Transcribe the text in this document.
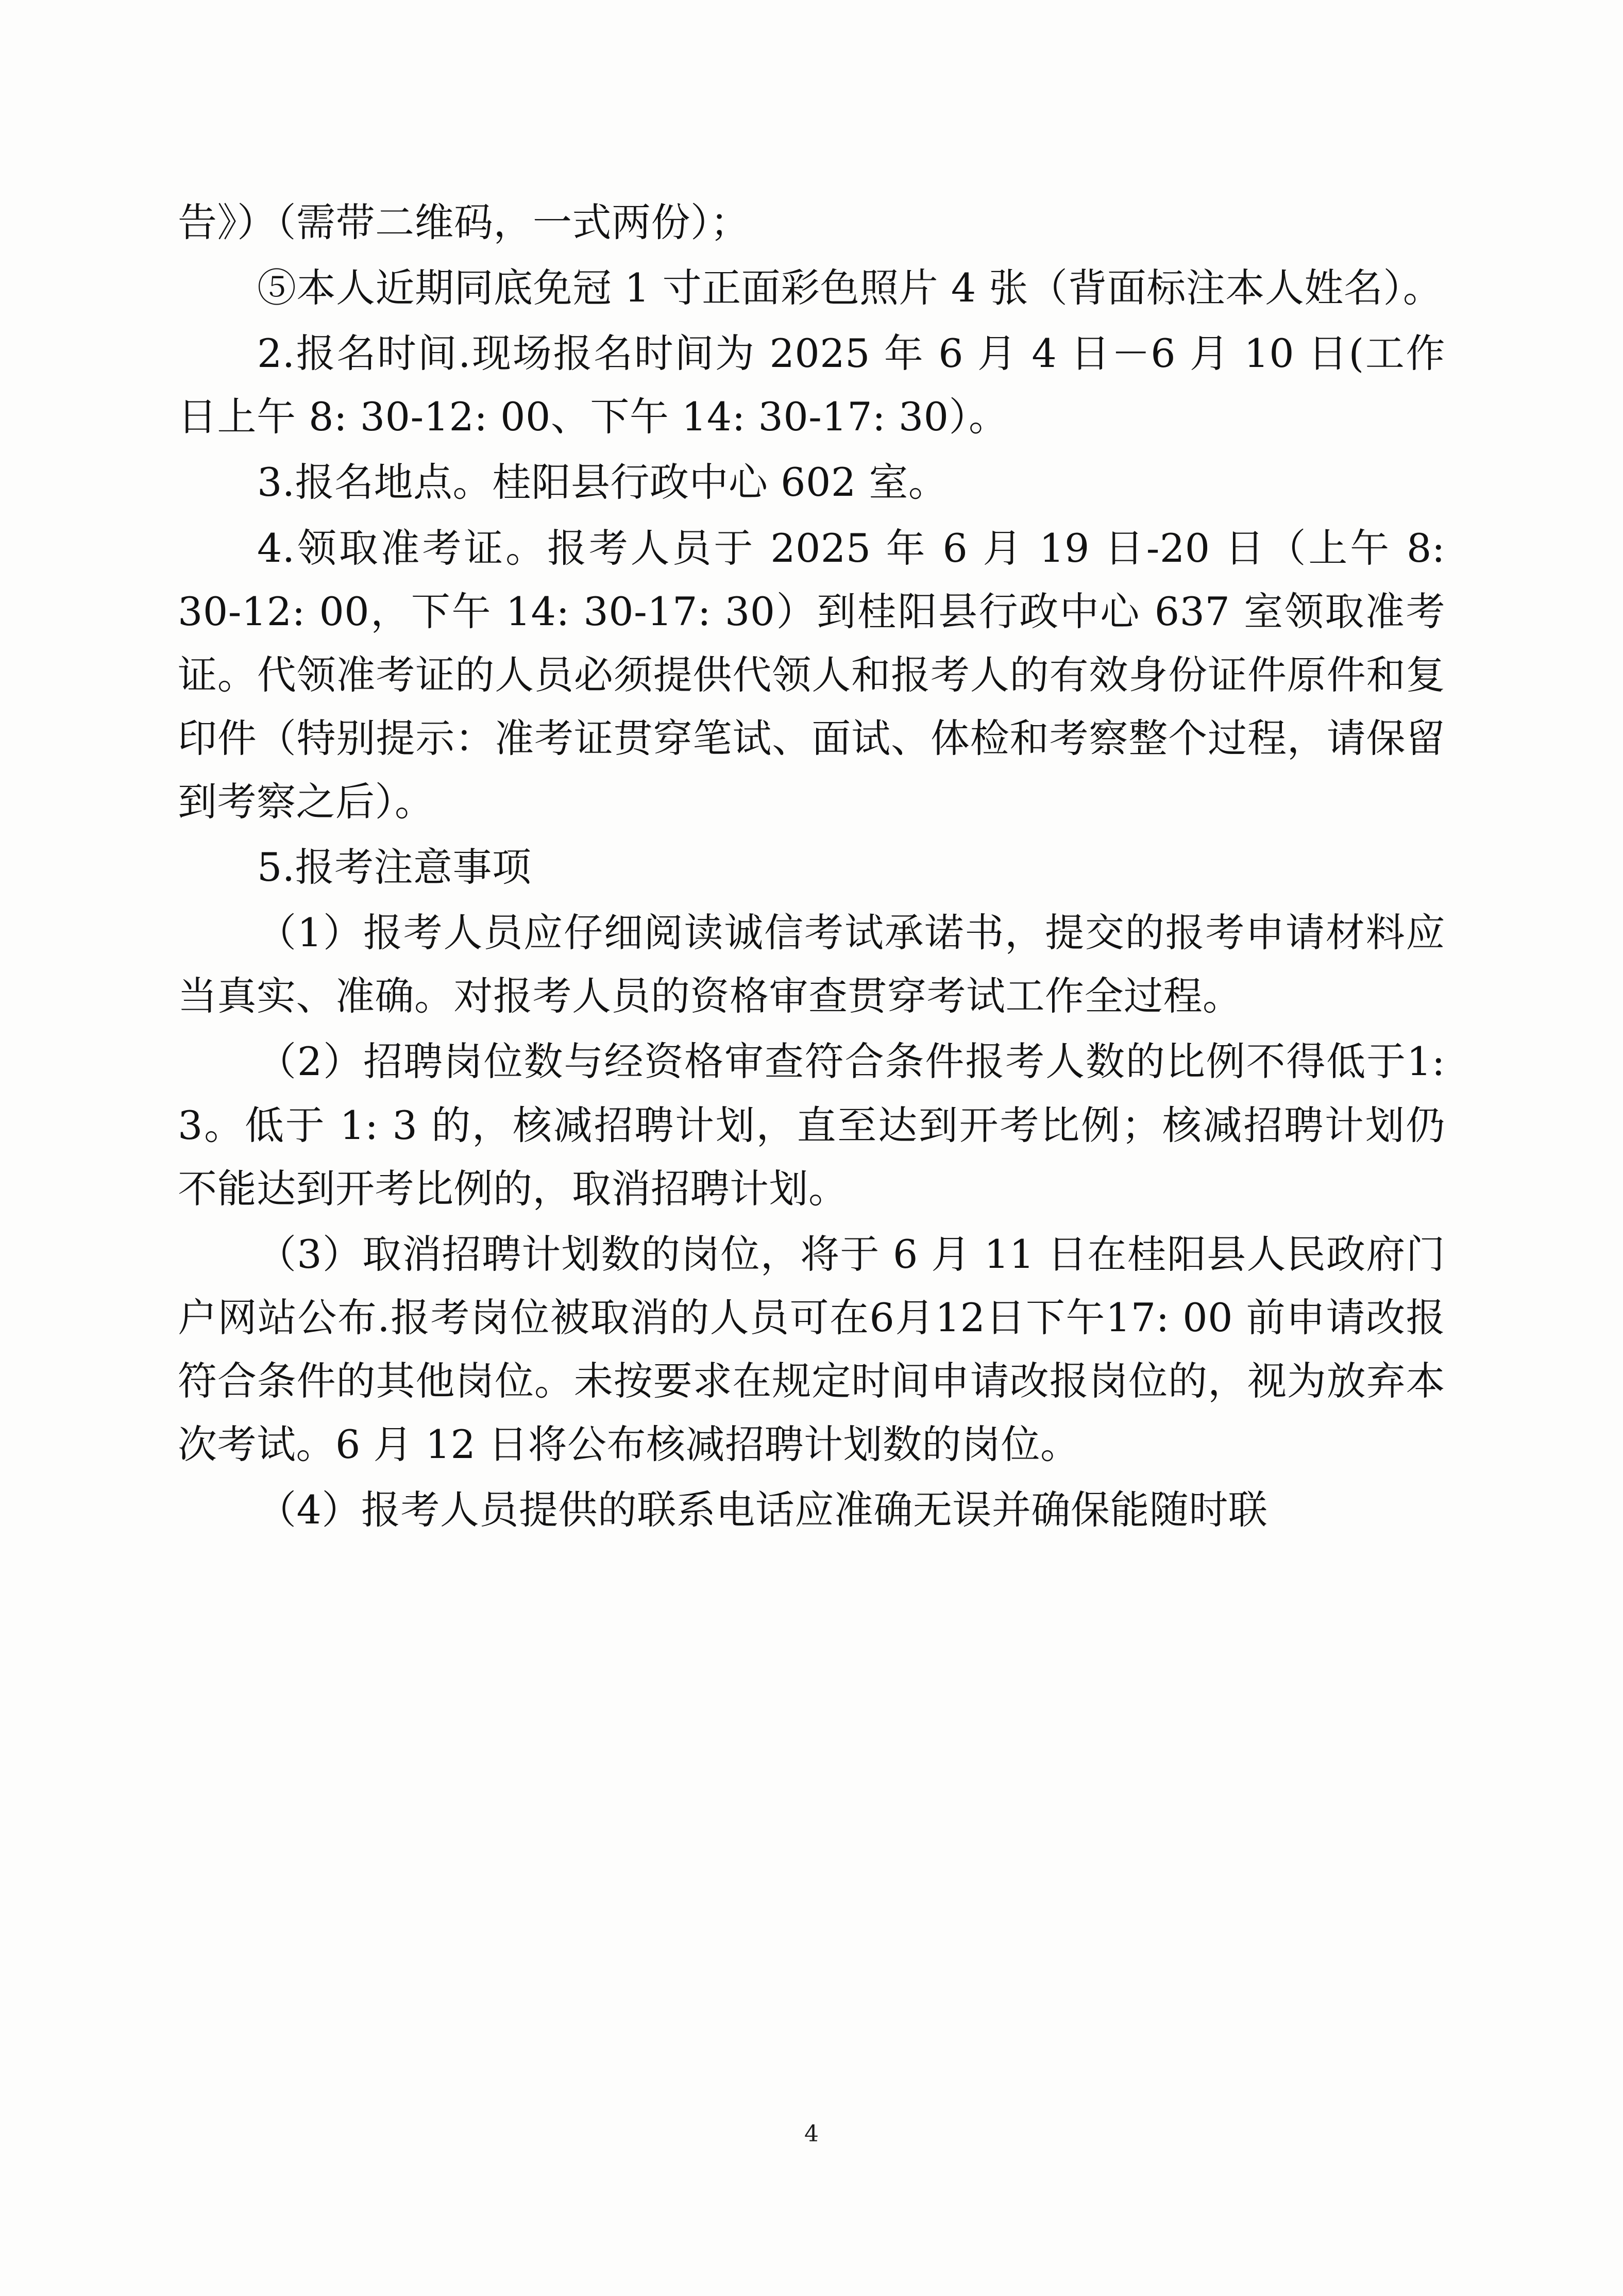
告》）（需带二维码，一式两份）；

⑤本人近期同底免冠 1 寸正面彩色照片 4 张（背面标注本人姓名）。

2.报名时间.现场报名时间为 2025 年 6 月 4 日－6 月 10 日(工作日上午 8: 30-12: 00、下午 14: 30-17: 30）。

3.报名地点。桂阳县行政中心 602 室。

4.领取准考证。报考人员于 2025 年 6 月 19 日-20 日（上午 8: 30-12: 00，下午 14: 30-17: 30）到桂阳县行政中心 637 室领取准考证。代领准考证的人员必须提供代领人和报考人的有效身份证件原件和复印件（特别提示：准考证贯穿笔试、面试、体检和考察整个过程，请保留到考察之后）。

5.报考注意事项

（1）报考人员应仔细阅读诚信考试承诺书，提交的报考申请材料应当真实、准确。对报考人员的资格审查贯穿考试工作全过程。

（2）招聘岗位数与经资格审查符合条件报考人数的比例不得低于1: 3。低于 1: 3 的，核减招聘计划，直至达到开考比例；核减招聘计划仍不能达到开考比例的，取消招聘计划。

（3）取消招聘计划数的岗位，将于 6 月 11 日在桂阳县人民政府门户网站公布.报考岗位被取消的人员可在6月12日下午17: 00 前申请改报符合条件的其他岗位。未按要求在规定时间申请改报岗位的，视为放弃本次考试。6 月 12 日将公布核减招聘计划数的岗位。

（4）报考人员提供的联系电话应准确无误并确保能随时联

4
